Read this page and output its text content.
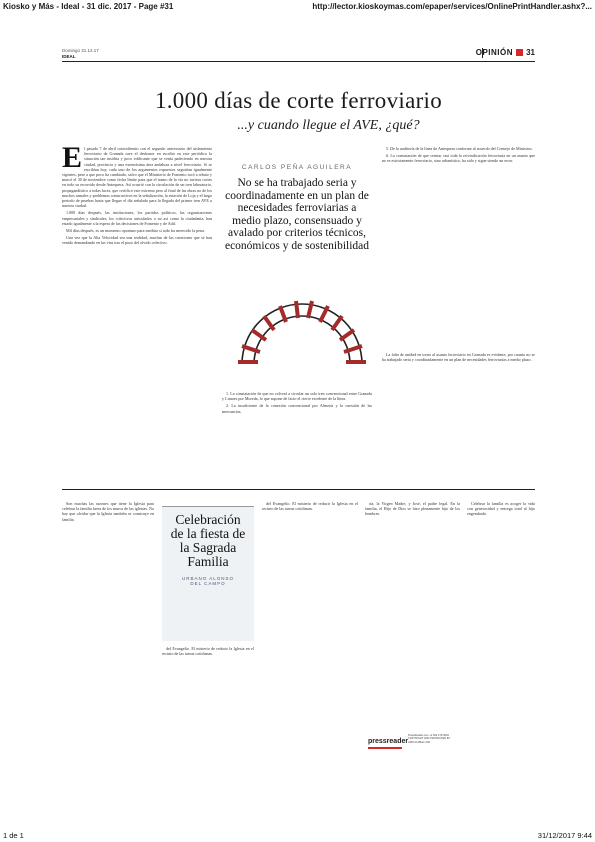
Kiosko y Más - Ideal - 31 dic. 2017 - Page #31	http://lector.kioskoymas.com/epaper/services/OnlinePrintHandler.ashx?...
Domingo 31.12.17
IDEAL	OPINIÓN 31
1.000 días de corte ferroviario
...y cuando llegue el AVE, ¿qué?

El pasado 7 de abril coincidiendo con el segundo aniversario del aislamiento ferroviario de Granada tuve el deshonor en escribir en este periódico la situación tan insólita y poco edificante que se venía padeciendo en nuestra ciudad, provincia y una extensísima área andaluza a nivel ferroviario. Si se escribían hoy, cada uno de los argumentos expuestos seguirían igualmente vigentes, pese a que poco ha cambiado, salvo que el Ministerio de Fomento tocó a rebato y marcó el 30 de noviembre como fecha límite para que el tramo de la vía no tuviera cortes en todo su recorrido desde Antequera. Así ocurrió con la circulación de un tren laboratorio, propagandístico a todas luces, que certificó este extremo pero al final de las obras no de los muchos ramales y problemas constructivos en la señalización, la estación de Loja y el largo periodo de pruebas hasta que llegue el día señalado para la llegada del primer tren AVE a nuestra ciudad.

1.000 días después, las instituciones, los partidos políticos, las organizaciones empresariales y sindicales, los colectivos articulados o no así como la ciudadanía, han estado igualmente a la espera de las decisiones de Fomento y de Adif.

Mil días después, es un momento oportuno para meditar si todo ha merecido la pena.

Una vez que la Alta Velocidad sea una realidad, muchas de las cuestiones que se han venido demandando en las vías tras el pozo del olvido colectivo.

CARLOS PEÑA AGUILERA
No se ha trabajado seria y coordinadamente en un plan de necesidades ferroviarias a medio plazo, consensuado y avalado por criterios técnicos, económicos y de sostenibilidad

1. La constatación de que no volverá a circular un solo tren convencional entre Granada y Linares por Moreda, lo que supone de facto el cierre excelente de la línea.

2. La insuficiente de la conexión convencional por Almería y la cuestión de las mercancías.

5. De la auditoría de la línea de Antequera conforme al acuerdo del Consejo de Ministros.

6. La constatación de que centrar casi toda la reivindicación ferroviaria en un asunto que no es estrictamente ferroviario, sino urbanístico, ha sido y sigue siendo un error.

La falta de unidad en torno al asunto ferroviario en Granada es evidente, por cuanto no se ha trabajado seria y coordinadamente en un plan de necesidades ferroviarias a medio plazo.

Son muchas las razones que tiene la Iglesia para celebrar la familia fuera de los muros de las iglesias. No hay que olvidar que la Iglesia también se construye en familia.	Celebración de la fiesta de la Sagrada Familia
URBANO ALONSO
DEL CAMPO

del Evangelio. El misterio de reducir la Iglesia en el recinto de las tareas cotidianas.

del Evangelio. El misterio de reducir la Iglesia en el recinto de las tareas cotidianas.

ría, la Virgen Madre, y José, el padre legal. En la familia, el Hijo de Dios se hizo plenamente hijo de los hombres.

pressreader
PressReader.com +1 604 278 4604 COPYRIGHT AND PROTECTED BY APPLICABLE LAW

Celebrar la familia es acoger la vida con generosidad y entrega total al hijo engendrado.

1 de 1	31/12/2017 9:44
